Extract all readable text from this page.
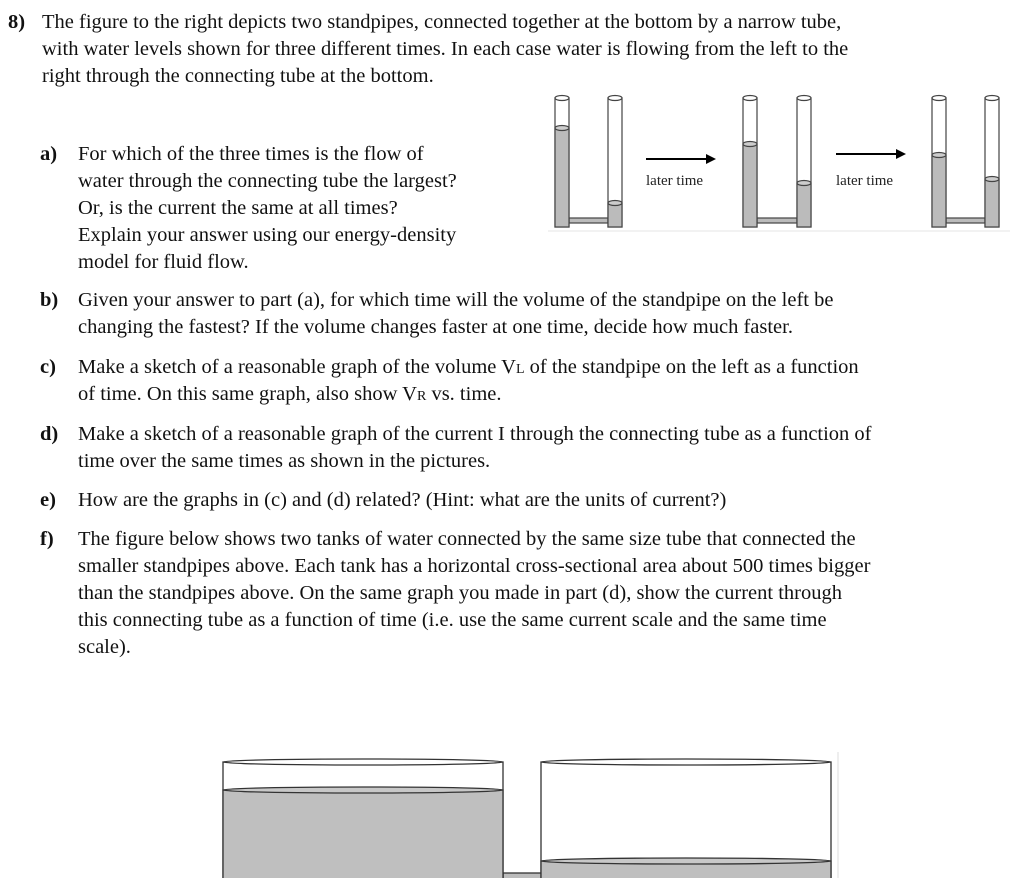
8) The figure to the right depicts two standpipes, connected together at the bottom by a narrow tube,
with water levels shown for three different times. In each case water is flowing from the left to the
right through the connecting tube at the bottom.
a) For which of the three times is the flow of
water through the connecting tube the largest?
Or, is the current the same at all times?
Explain your answer using our energy-density
model for fluid flow.
b) Given your answer to part (a), for which time will the volume of the standpipe on the left be
changing the fastest? If the volume changes faster at one time, decide how much faster.
c) Make a sketch of a reasonable graph of the volume VL of the standpipe on the left as a function
of time. On this same graph, also show VR vs. time.
d) Make a sketch of a reasonable graph of the current I through the connecting tube as a function of
time over the same times as shown in the pictures.
e) How are the graphs in (c) and (d) related? (Hint: what are the units of current?)
f) The figure below shows two tanks of water connected by the same size tube that connected the
smaller standpipes above. Each tank has a horizontal cross-sectional area about 500 times bigger
than the standpipes above. On the same graph you made in part (d), show the current through
this connecting tube as a function of time (i.e. use the same current scale and the same time
scale).
later time	later time
